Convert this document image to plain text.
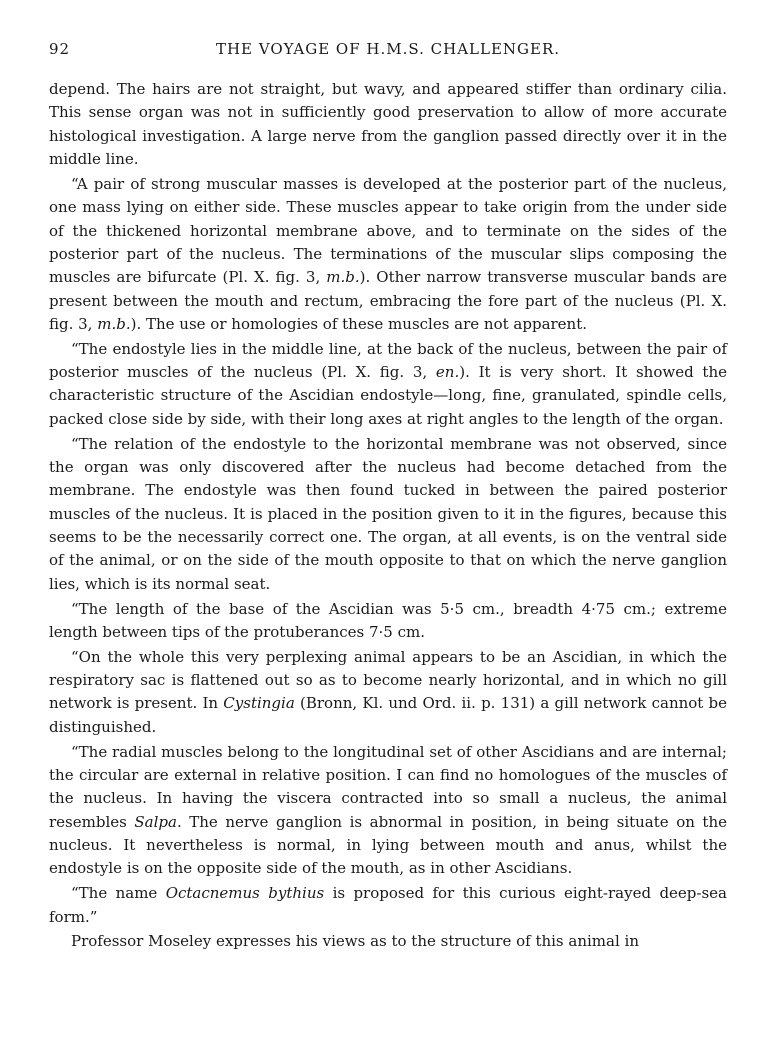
92	THE VOYAGE OF H.M.S. CHALLENGER.

depend. The hairs are not straight, but wavy, and appeared stiffer than ordinary cilia. This sense organ was not in sufficiently good preservation to allow of more accurate histological investigation. A large nerve from the ganglion passed directly over it in the middle line.

“A pair of strong muscular masses is developed at the posterior part of the nucleus, one mass lying on either side. These muscles appear to take origin from the under side of the thickened horizontal membrane above, and to terminate on the sides of the posterior part of the nucleus. The terminations of the muscular slips composing the muscles are bifurcate (Pl. X. fig. 3, m.b.). Other narrow transverse muscular bands are present between the mouth and rectum, embracing the fore part of the nucleus (Pl. X. fig. 3, m.b.). The use or homologies of these muscles are not apparent.

“The endostyle lies in the middle line, at the back of the nucleus, between the pair of posterior muscles of the nucleus (Pl. X. fig. 3, en.). It is very short. It showed the characteristic structure of the Ascidian endostyle—long, fine, granulated, spindle cells, packed close side by side, with their long axes at right angles to the length of the organ.

“The relation of the endostyle to the horizontal membrane was not observed, since the organ was only discovered after the nucleus had become detached from the membrane. The endostyle was then found tucked in between the paired posterior muscles of the nucleus. It is placed in the position given to it in the figures, because this seems to be the necessarily correct one. The organ, at all events, is on the ventral side of the animal, or on the side of the mouth opposite to that on which the nerve ganglion lies, which is its normal seat.

“The length of the base of the Ascidian was 5·5 cm., breadth 4·75 cm.; extreme length between tips of the protuberances 7·5 cm.

“On the whole this very perplexing animal appears to be an Ascidian, in which the respiratory sac is flattened out so as to become nearly horizontal, and in which no gill network is present. In Cystingia (Bronn, Kl. und Ord. ii. p. 131) a gill network cannot be distinguished.

“The radial muscles belong to the longitudinal set of other Ascidians and are internal; the circular are external in relative position. I can find no homologues of the muscles of the nucleus. In having the viscera contracted into so small a nucleus, the animal resembles Salpa. The nerve ganglion is abnormal in position, in being situate on the nucleus. It nevertheless is normal, in lying between mouth and anus, whilst the endostyle is on the opposite side of the mouth, as in other Ascidians.

“The name Octacnemus bythius is proposed for this curious eight-rayed deep-sea form.”

Professor Moseley expresses his views as to the structure of this animal in
